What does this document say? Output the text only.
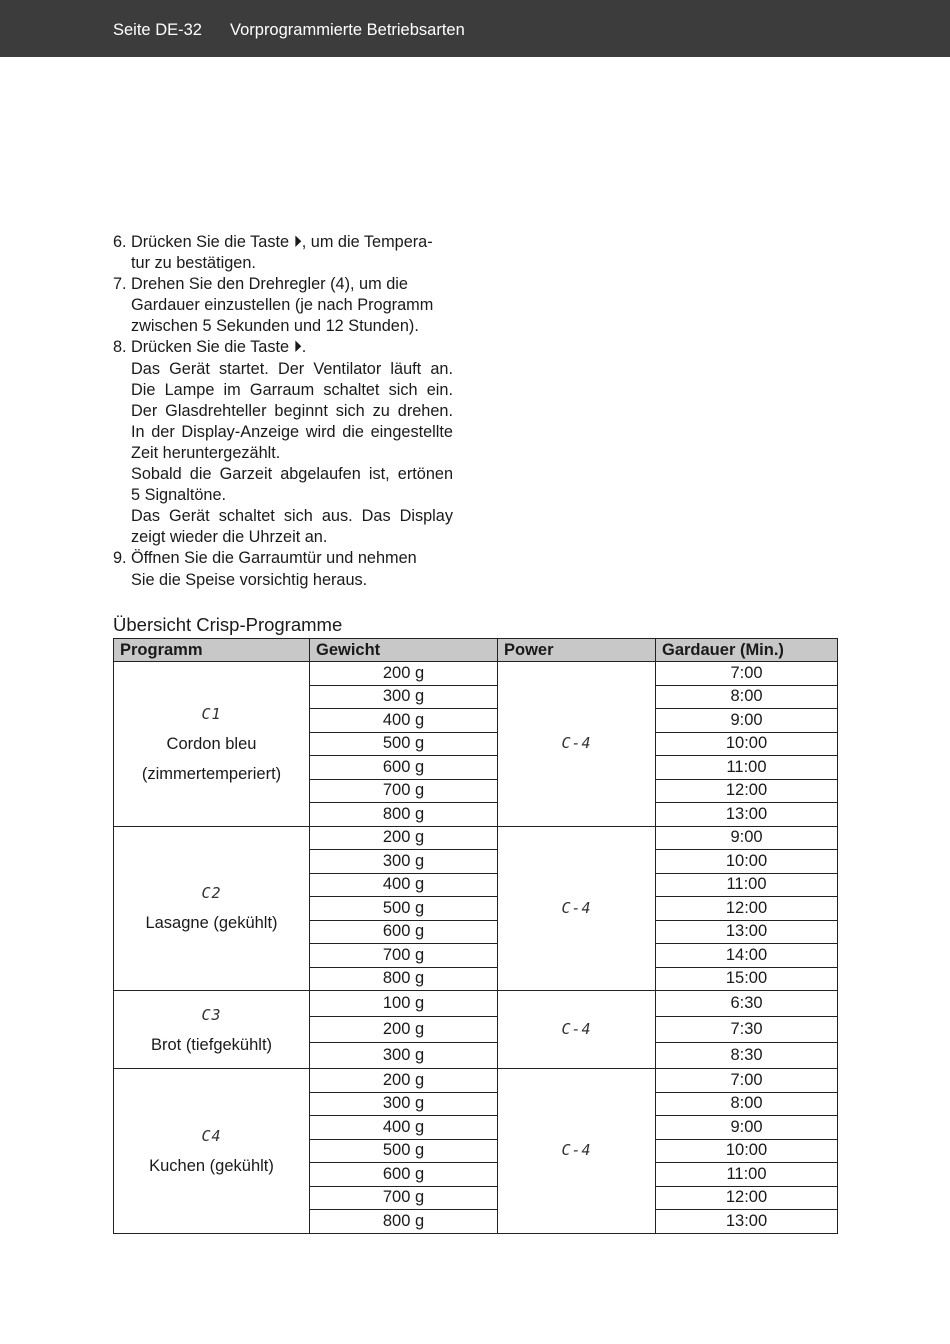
Seite DE-32 Vorprogrammierte Betriebsarten
6. Drücken Sie die Taste ⏵, um die Tempera-
tur zu bestätigen.
7. Drehen Sie den Drehregler (4), um die
Gardauer einzustellen (je nach Programm
zwischen 5 Sekunden und 12 Stunden).
8. Drücken Sie die Taste ⏵.
Das Gerät startet. Der Ventilator läuft an.
Die Lampe im Garraum schaltet sich ein.
Der Glasdrehteller beginnt sich zu drehen.
In der Display-Anzeige wird die eingestellte
Zeit heruntergezählt.
Sobald die Garzeit abgelaufen ist, ertönen
5 Signaltöne.
Das Gerät schaltet sich aus. Das Display
zeigt wieder die Uhrzeit an.
9. Öffnen Sie die Garraumtür und nehmen
Sie die Speise vorsichtig heraus.
Übersicht Crisp-Programme
Programm	Gewicht	Power	Gardauer (Min.)

C1
Cordon bleu
(zimmertemperiert)	200 g	C-4	7:00
	300 g		8:00
	400 g		9:00
	500 g		10:00
	600 g		11:00
	700 g		12:00
	800 g		13:00

C2
Lasagne (gekühlt)	200 g	C-4	9:00
	300 g		10:00
	400 g		11:00
	500 g		12:00
	600 g		13:00
	700 g		14:00
	800 g		15:00

C3
Brot (tiefgekühlt)	100 g	C-4	6:30
	200 g		7:30
	300 g		8:30

C4
Kuchen (gekühlt)	200 g	C-4	7:00
	300 g		8:00
	400 g		9:00
	500 g		10:00
	600 g		11:00
	700 g		12:00
	800 g		13:00
